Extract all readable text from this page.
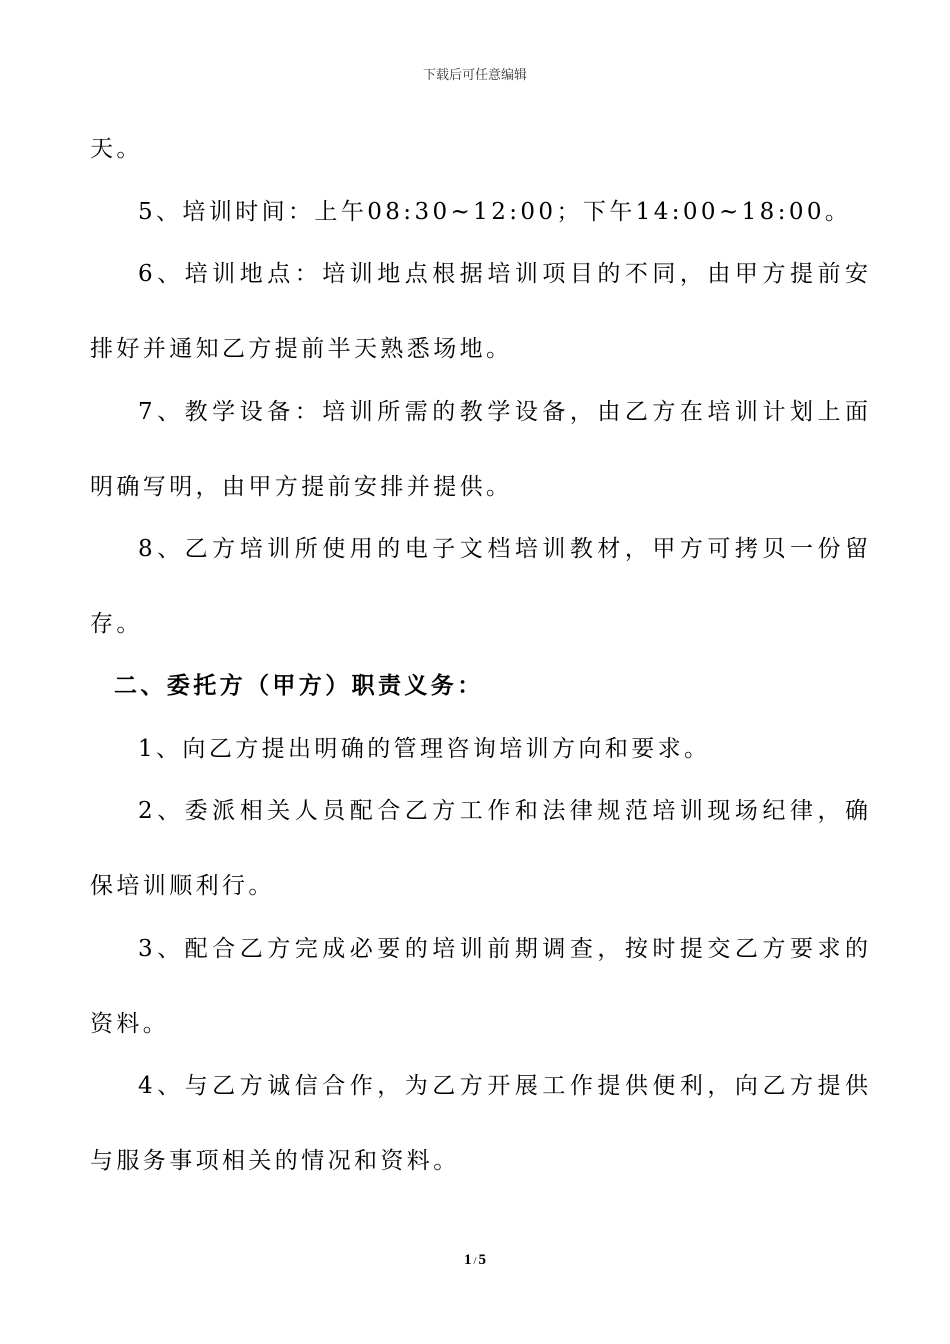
下载后可任意编辑
天。
5、培训时间：上午08:30~12:00；下午14:00~18:00。
6、培训地点：培训地点根据培训项目的不同，由甲方提前安
排好并通知乙方提前半天熟悉场地。
7、教学设备：培训所需的教学设备，由乙方在培训计划上面
明确写明，由甲方提前安排并提供。
8、乙方培训所使用的电子文档培训教材，甲方可拷贝一份留
存。
二、委托方（甲方）职责义务：
1、向乙方提出明确的管理咨询培训方向和要求。
2、委派相关人员配合乙方工作和法律规范培训现场纪律，确
保培训顺利行。
3、配合乙方完成必要的培训前期调查，按时提交乙方要求的
资料。
4、与乙方诚信合作，为乙方开展工作提供便利，向乙方提供
与服务事项相关的情况和资料。
1 / 5
